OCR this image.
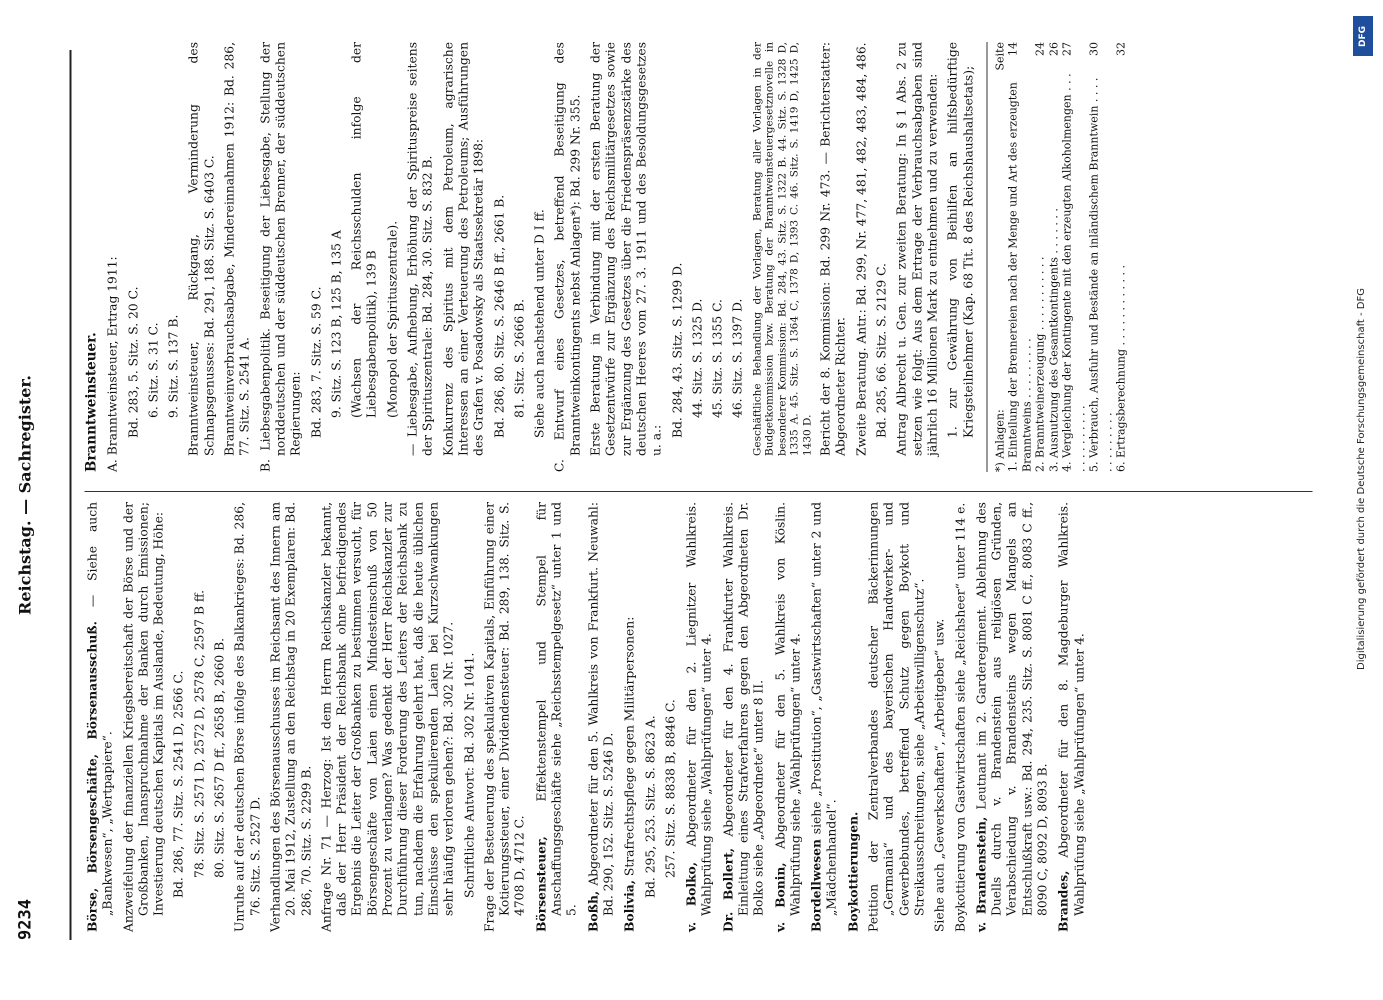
9234
Reichstag. — Sachregister.

Börse, Börsengeschäfte, Börsenausschuß. — Siehe auch „Bankwesen“, „Wertpapiere“. Anzweifelung der finanziellen Kriegsbereitschaft der Börse und der Großbanken, Inanspruchnahme der Banken durch Emissionen; Investierung deutschen Kapitals im Auslande, Bedeutung, Höhe: Bd. 286, 77. Sitz. S. 2541 D, 2566 C. 78. Sitz. S. 2571 D, 2572 D, 2578 C, 2597 B ff. 80. Sitz. S. 2657 D ff., 2658 B, 2660 B. Unruhe auf der deutschen Börse infolge des Balkankrieges: Bd. 286, 76. Sitz. S. 2527 D. Verhandlungen des Börsenausschusses im Reichsamt des Innern am 20. Mai 1912, Zustellung an den Reichstag in 20 Exemplaren: Bd. 286, 70. Sitz. S. 2299 B. Anfrage Nr. 71 — Herzog: Ist dem Herrn Reichskanzler bekannt, daß der Herr Präsident der Reichsbank ohne befriedigendes Ergebnis die Leiter der Großbanken zu bestimmen versucht, für Börsengeschäfte von Laien einen Mindesteinschuß von 50 Prozent zu verlangen? Was gedenkt der Herr Reichskanzler zur Durchführung dieser Forderung des Leiters der Reichsbank zu tun, nachdem die Erfahrung gelehrt hat, daß die heute üblichen Einschüsse den spekulierenden Laien bei Kurzschwankungen sehr häufig verloren gehen?: Bd. 302 Nr. 1027. Schriftliche Antwort: Bd. 302 Nr. 1041. Frage der Besteuerung des spekulativen Kapitals, Einführung einer Kotierungssteuer, einer Dividendensteuer: Bd. 289, 138. Sitz. S. 4708 D, 4712 C. Börsensteuer, Effektenstempel und Stempel für Anschaffungsgeschäfte siehe „Reichsstempelgesetz“ unter 1 und 5. Boßh, Abgeordneter für den 5. Wahlkreis von Frankfurt. Neuwahl: Bd. 290, 152. Sitz. S. 5246 D. Bolivia, Strafrechtspflege gegen Militärpersonen: Bd. 295, 253. Sitz. S. 8623 A. 257. Sitz. S. 8838 B, 8846 C.

v. Bolko, Abgeordneter für den 2. Liegnitzer Wahlkreis. Wahlprüfung siehe „Wahlprüfungen“ unter 4. Dr. Bollert, Abgeordneter für den 4. Frankfurter Wahlkreis. Einleitung eines Strafverfahrens gegen den Abgeordneten Dr. Bolko siehe „Abgeordnete“ unter 8 II. v. Bonin, Abgeordneter für den 5. Wahlkreis von Köslin. Wahlprüfung siehe „Wahlprüfungen“ unter 4. Bordellwesen siehe „Prostitution“, „Gastwirtschaften“ unter 2 und „Mädchenhandel“. Boykottierungen. Petition der Zentralverbandes deutscher Bäckerinnungen „Germania“ und des bayerischen Handwerker- und Gewerbebundes, betreffend Schutz gegen Boykott und Streikausschreitungen, siehe „Arbeitswilligenschutz“. Siehe auch „Gewerkschaften“, „Arbeitgeber“ usw. Boykottierung von Gastwirtschaften siehe „Reichsheer“ unter 114 e. v. Brandenstein, Leutnant im 2. Garderegiment. Ablehnung des Duells durch v. Brandenstein aus religiösen Gründen, Verabschiedung v. Brandensteins wegen Mangels an Entschlußkraft usw.: Bd. 294, 235. Sitz. S. 8081 C ff., 8083 C ff., 8090 C, 8092 D, 8093 B. Brandes, Abgeordneter für den 8. Magdeburger Wahlkreis. Wahlprüfung siehe „Wahlprüfungen“ unter 4.

Branntweinsteuer. A. Branntweinsteuer, Ertrag 1911: Bd. 283, 5. Sitz. S. 20 C. 6. Sitz. S. 31 C. 9. Sitz. S. 137 B. Branntweinsteuer, Rückgang, Verminderung des Schnapsgenusses: Bd. 291, 188. Sitz. S. 6403 C. Branntweinverbrauchsabgabe, Mindereinnahmen 1912: Bd. 286, 77. Sitz. S. 2541 A. B. Liebesgabenpolitik. Beseitigung der Liebesgabe, Stellung der norddeutschen und der süddeutschen Brenner, der süddeutschen Regierungen: Bd. 283, 7. Sitz. S. 59 C. 9. Sitz. S. 123 B, 125 B, 135 A (Wachsen der Reichsschulden infolge der Liebesgabenpolitik), 139 B (Monopol der Spirituszentrale). — Liebesgabe, Aufhebung, Erhöhung der Spirituspreise seitens der Spirituszentrale: Bd. 284, 30. Sitz. S. 832 B. Konkurrenz des Spiritus mit dem Petroleum, agrarische Interessen an einer Verteuerung des Petroleums; Ausführungen des Grafen v. Posadowsky als Staatssekretär 1898: Bd. 286, 80. Sitz. S. 2646 B ff., 2661 B. 81. Sitz. S. 2666 B. Siehe auch nachstehend unter D I ff. C. Entwurf eines Gesetzes, betreffend Beseitigung des Branntweinkontingents nebst Anlagen*): Bd. 299 Nr. 355. Erste Beratung in Verbindung mit der ersten Beratung der Gesetzentwürfe zur Ergänzung des Reichsmilitärgesetzes sowie zur Ergänzung des Gesetzes über die Friedenspräsenzstärke des deutschen Heeres vom 27. 3. 1911 und des Besoldungsgesetzes u. a.:

Bd. 284, 43. Sitz. S. 1299 D. 44. Sitz. S. 1325 D. 45. Sitz. S. 1355 C. 46. Sitz. S. 1397 D. Geschäftliche Behandlung der Vorlagen, Beratung aller Vorlagen in der Budgetkommission bzw. Beratung der Branntweinsteuergesetznovelle in besonderer Kommission: Bd. 284, 43. Sitz. S. 1322 B. 44. Sitz. S. 1328 D, 1335 A. 45. Sitz. S. 1364 C, 1378 D, 1393 C. 46. Sitz. S. 1419 D, 1425 D, 1430 D. Bericht der 8. Kommission: Bd. 299 Nr. 473. — Berichterstatter: Abgeordneter Richter. Zweite Beratung. Antr.: Bd. 299, Nr. 477, 481, 482, 483, 484, 486. Bd. 285, 66. Sitz. S. 2129 C. Antrag Albrecht u. Gen. zur zweiten Beratung: In § 1 Abs. 2 zu setzen wie folgt: Aus dem Ertrage der Verbrauchsabgaben sind jährlich 16 Millionen Mark zu entnehmen und zu verwenden: 1. zur Gewährung von Beihilfen an hilfsbedürftige Kriegsteilnehmer (Kap. 68 Tit. 8 des Reichshaushaltsetats);

*) Anlagen:
Seite
1. Einteilung der Brennereien nach der Menge und Art des erzeugten Branntweins . . . . . . . . .
14
2. Branntweinerzeugung . . . . . . . . . . .
24
3. Ausnutzung des Gesamtkontingents . . . . . . .
26
4. Vergleichung der Kontingente mit den erzeugten Alkoholmengen . . . . . . . . . . . . .
27
5. Verbrauch, Ausfuhr und Bestände an inländischem Branntwein . . . . . . . . . . . . .
30
6. Ertragsberechnung . . . . . . . . . . . .
32
DFG
Digitalisierung gefördert durch die Deutsche Forschungsgemeinschaft - DFG
